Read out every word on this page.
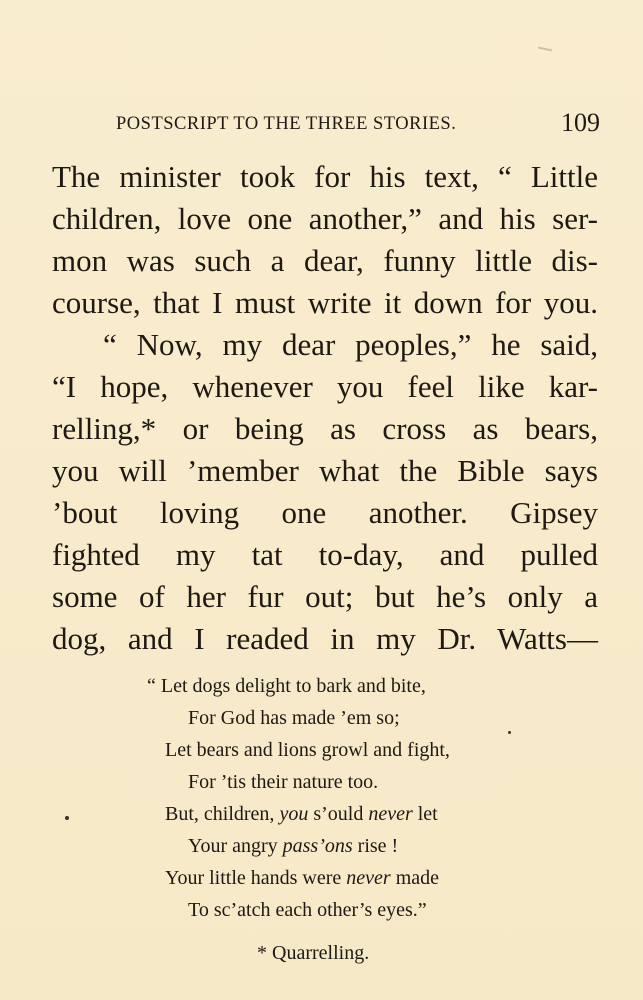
POSTSCRIPT TO THE THREE STORIES.	109
The minister took for his text, “ Little
children, love one another,” and his ser-
mon was such a dear, funny little dis-
course, that I must write it down for you.
“ Now, my dear peoples,” he said,
“I hope, whenever you feel like kar-
relling,* or being as cross as bears,
you will ’member what the Bible says
’bout loving one another. Gipsey
fighted my tat to-day, and pulled
some of her fur out; but he’s only a
dog, and I readed in my Dr. Watts—
“ Let dogs delight to bark and bite,
For God has made ’em so;
Let bears and lions growl and fight,
For ’tis their nature too.
But, children, you s’ould never let
Your angry pass’ons rise !
Your little hands were never made
To sc’atch each other’s eyes.”
* Quarrelling.
